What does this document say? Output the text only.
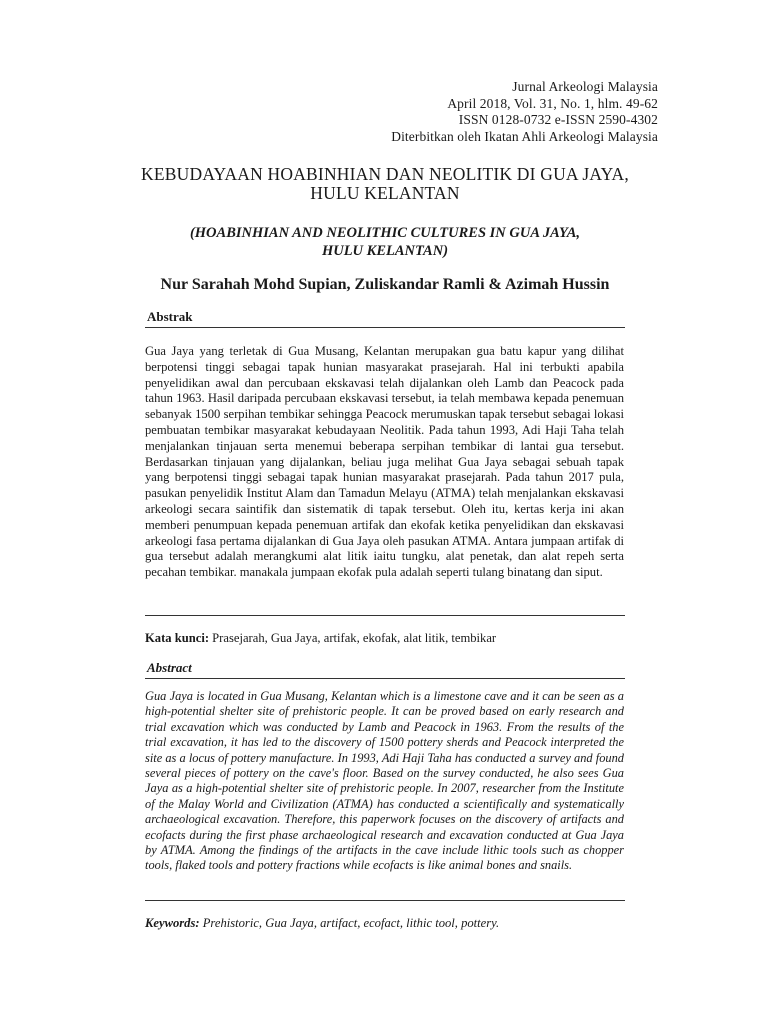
Jurnal Arkeologi Malaysia
April 2018, Vol. 31, No. 1, hlm. 49-62
ISSN 0128-0732 e-ISSN 2590-4302
Diterbitkan oleh Ikatan Ahli Arkeologi Malaysia
KEBUDAYAAN HOABINHIAN DAN NEOLITIK DI GUA JAYA,
HULU KELANTAN
(HOABINHIAN AND NEOLITHIC CULTURES IN GUA JAYA,
HULU KELANTAN)
Nur Sarahah Mohd Supian, Zuliskandar Ramli & Azimah Hussin
Abstrak
Gua Jaya yang terletak di Gua Musang, Kelantan merupakan gua batu kapur yang dilihat berpotensi tinggi sebagai tapak hunian masyarakat prasejarah. Hal ini terbukti apabila penyelidikan awal dan percubaan ekskavasi telah dijalankan oleh Lamb dan Peacock pada tahun 1963. Hasil daripada percubaan ekskavasi tersebut, ia telah membawa kepada penemuan sebanyak 1500 serpihan tembikar sehingga Peacock merumuskan tapak tersebut sebagai lokasi pembuatan tembikar masyarakat kebudayaan Neolitik. Pada tahun 1993, Adi Haji Taha telah menjalankan tinjauan serta menemui beberapa serpihan tembikar di lantai gua tersebut. Berdasarkan tinjauan yang dijalankan, beliau juga melihat Gua Jaya sebagai sebuah tapak yang berpotensi tinggi sebagai tapak hunian masyarakat prasejarah. Pada tahun 2017 pula, pasukan penyelidik Institut Alam dan Tamadun Melayu (ATMA) telah menjalankan ekskavasi arkeologi secara saintifik dan sistematik di tapak tersebut. Oleh itu, kertas kerja ini akan memberi penumpuan kepada penemuan artifak dan ekofak ketika penyelidikan dan ekskavasi arkeologi fasa pertama dijalankan di Gua Jaya oleh pasukan ATMA. Antara jumpaan artifak di gua tersebut adalah merangkumi alat litik iaitu tungku, alat penetak, dan alat repeh serta pecahan tembikar. manakala jumpaan ekofak pula adalah seperti tulang binatang dan siput.
Kata kunci: Prasejarah, Gua Jaya, artifak, ekofak, alat litik, tembikar
Abstract
Gua Jaya is located in Gua Musang, Kelantan which is a limestone cave and it can be seen as a high-potential shelter site of prehistoric people. It can be proved based on early research and trial excavation which was conducted by Lamb and Peacock in 1963. From the results of the trial excavation, it has led to the discovery of 1500 pottery sherds and Peacock interpreted the site as a locus of pottery manufacture. In 1993, Adi Haji Taha has conducted a survey and found several pieces of pottery on the cave's floor. Based on the survey conducted, he also sees Gua Jaya as a high-potential shelter site of prehistoric people. In 2007, researcher from the Institute of the Malay World and Civilization (ATMA) has conducted a scientifically and systematically archaeological excavation. Therefore, this paperwork focuses on the discovery of artifacts and ecofacts during the first phase archaeological research and excavation conducted at Gua Jaya by ATMA. Among the findings of the artifacts in the cave include lithic tools such as chopper tools, flaked tools and pottery fractions while ecofacts is like animal bones and snails.
Keywords: Prehistoric, Gua Jaya, artifact, ecofact, lithic tool, pottery.
